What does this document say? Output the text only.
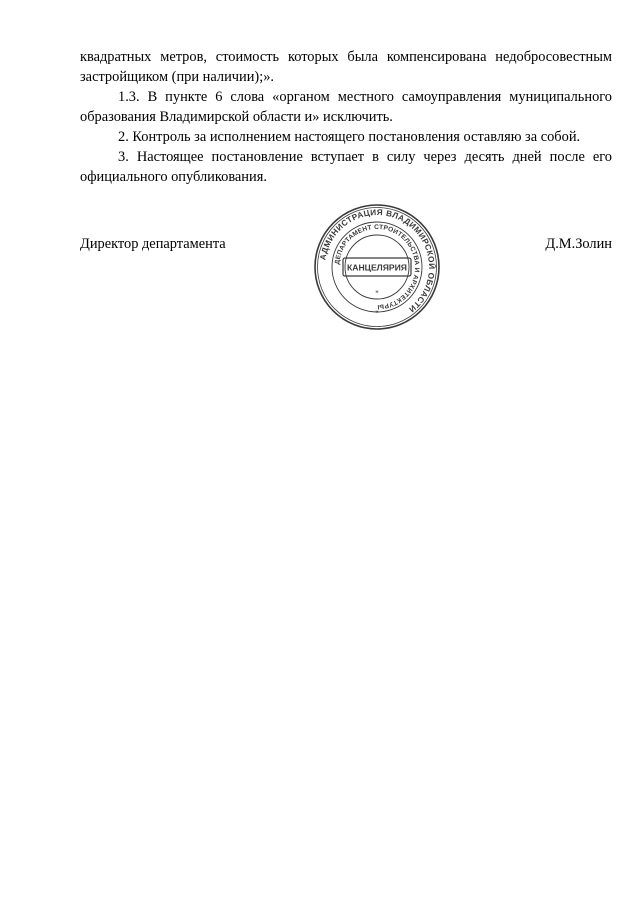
квадратных метров, стоимость которых была компенсирована недобросовестным застройщиком (при наличии);».

1.3. В пункте 6 слова «органом местного самоуправления муниципального образования Владимирской области и» исключить.

2. Контроль за исполнением настоящего постановления оставляю за собой.

3. Настоящее постановление вступает в силу через десять дней после его официального опубликования.

Директор департамента	Д.М.Золин
АДМИНИСТРАЦИЯ ВЛАДИМИРСКОЙ ОБЛАСТИ
ДЕПАРТАМЕНТ СТРОИТЕЛЬСТВА И АРХИТЕКТУРЫ
КАНЦЕЛЯРИЯ
*
*
